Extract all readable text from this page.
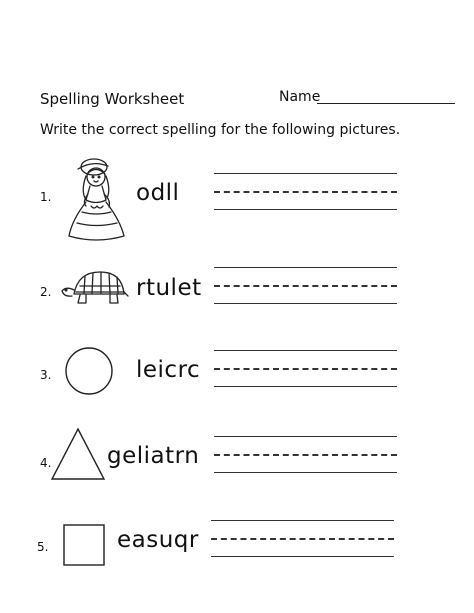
Spelling Worksheet	Name
Write the correct spelling for the following pictures.
1.	odll
2.	rtulet
3.	leicrc
4. geliatrn
5.	easuqr
